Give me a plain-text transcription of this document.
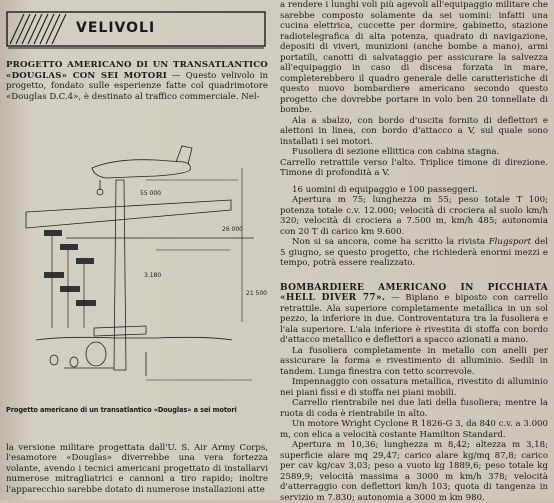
VELIVOLI

PROGETTO AMERICANO DI UN TRANSATLANTICO «DOUGLAS» CON SEI MOTORI — Questo velivolo in progetto, fondato sulle esperienze fatte col quadrimotore «Douglas D.C.4», è destinato al traffico commerciale. Nel-

55 000
26 000
21 500
3.180
Progetto americano di un transatlantico «Douglas» a sei motori

la versione militare progettata dall'U. S. Air Army Corps, l'esamotore «Douglas» diverrebbe una vera fortezza volante, avendo i tecnici americani progettato di installarvi numerose mitragliatrici e cannoni a tiro rapido; inoltre l'apparecchio sarebbe dotato di numerose installazioni atte

a rendere i lunghi voli più agevoli all'equipaggio militare che sarebbe composto solamente da sei uomini: infatti una cucina elettrica, cuccette per dormire, gabinetto, stazione radiotelegrafica di alta potenza, quadrato di navigazione, depositi di viveri, munizioni (anche bombe a mano), armi portatili, canotti di salvataggio per assicurare la salvezza all'equipaggio in caso di discesa forzata in mare, completerebbero il quadro generale delle caratteristiche di questo nuovo bombardiere americano secondo questo progetto che dovrebbe portare in volo ben 20 tonnellate di bombe.

Ala a sbalzo, con bordo d'uscita fornito di deflettori e alettoni in linea, con bordo d'attacco a V, sul quale sono installati i sei motori.

Fusoliera di sezione ellittica con cabina stagna.

Carrello retrattile verso l'alto. Triplice timone di direzione. Timone di profondità a V.

16 uomini di equipaggio e 100 passeggeri.

Apertura m 75; lunghezza m 55; peso totale T 100; potenza totale c.v. 12.000; velocità di crociera al suolo km/h 320; velocità di crociera a 7.500 m, km/h 485; autonomia con 20 T di carico km 9.600.

Non si sa ancora, come ha scritto la rivista Flugsport del 5 giugno, se questo progetto, che richiederà enormi mezzi e tempo, potrà essere realizzato.

BOMBARDIERE AMERICANO IN PICCHIATA «HELL DIVER 77». — Biplano e biposto con carrello retrattile. Ala superiore completamente metallica in un sol pezzo, la inferiore in due. Controventatura tra la fusoliera e l'ala superiore. L'ala inferiore è rivestita di stoffa con bordo d'attacco metallico e deflettori a spacco azionati a mano.

La fusoliera completamente in metallo con anelli per assicurare la forma e rivestimento di alluminio. Sedili in tandem. Lunga finestra con tetto scorrevole.

Impennaggio con ossatura metallica, rivestito di alluminio nei piani fissi e di stoffa nei piani mobili.

Carrello rientrabile nei due lati della fusoliera; mentre la ruota di coda è rientrabile in alto.

Un motore Wright Cyclone R 1826-G 3, da 840 c.v. a 3.000 m, con elica a velocità costante Hamilton Standard.

Apertura m 10,36; lunghezza m 8,42; altezza m 3,18; superficie alare mq 29,47; carico alare kg/mq 87,8; carico per cav kg/cav 3,03; peso a vuoto kg 1889,6; peso totale kg 2589,9; velocità massima a 3000 m km/h 378; velocità d'atterraggio con deflettori km/h 103; quota di tangenza in servizio m 7.830; autonomia a 3000 m km 980.
